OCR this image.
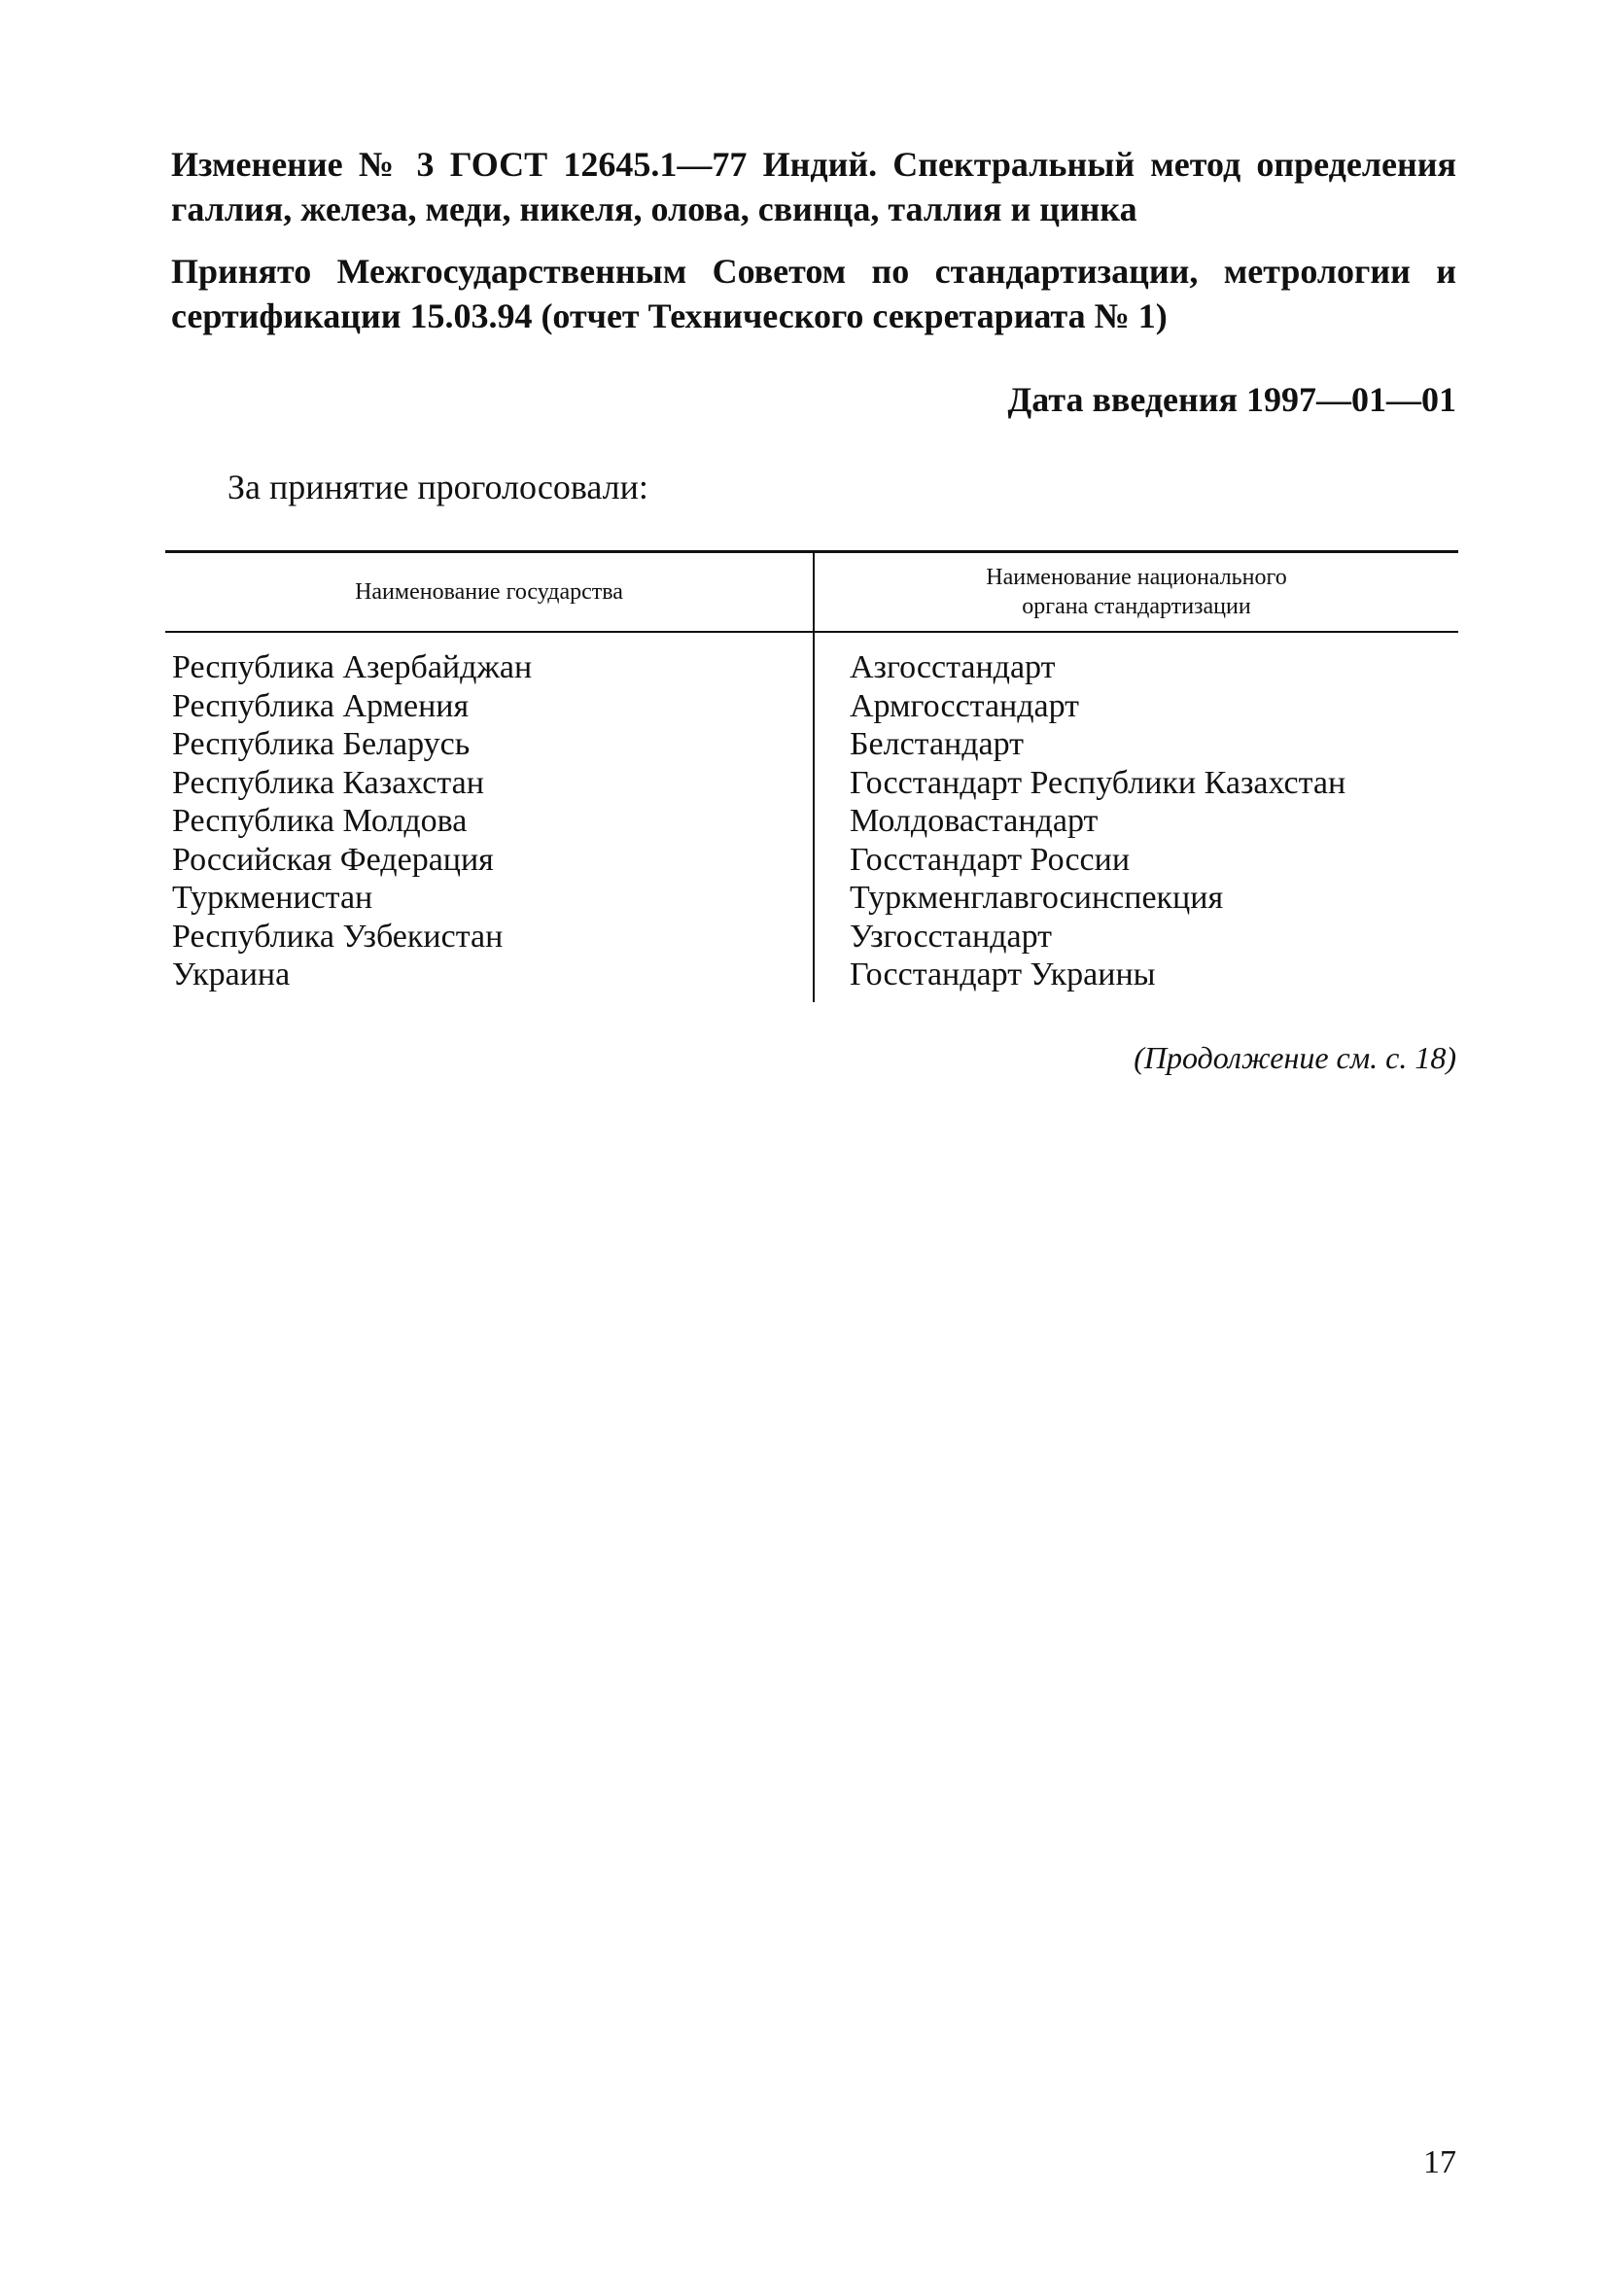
Изменение № 3 ГОСТ 12645.1—77 Индий. Спектральный метод определения галлия, железа, меди, никеля, олова, свинца, таллия и цинка
Принято Межгосударственным Советом по стандартизации, метрологии и сертификации 15.03.94 (отчет Технического секретариата № 1)
Дата введения 1997—01—01
За принятие проголосовали:
Наименование государства
Наименование национального
органа стандартизации
Республика Азербайджан
Республика Армения
Республика Беларусь
Республика Казахстан
Республика Молдова
Российская Федерация
Туркменистан
Республика Узбекистан
Украина
Азгосстандарт
Армгосстандарт
Белстандарт
Госстандарт Республики Казахстан
Молдовастандарт
Госстандарт России
Туркменглавгосинспекция
Узгосстандарт
Госстандарт Украины
(Продолжение см. с. 18)
17
